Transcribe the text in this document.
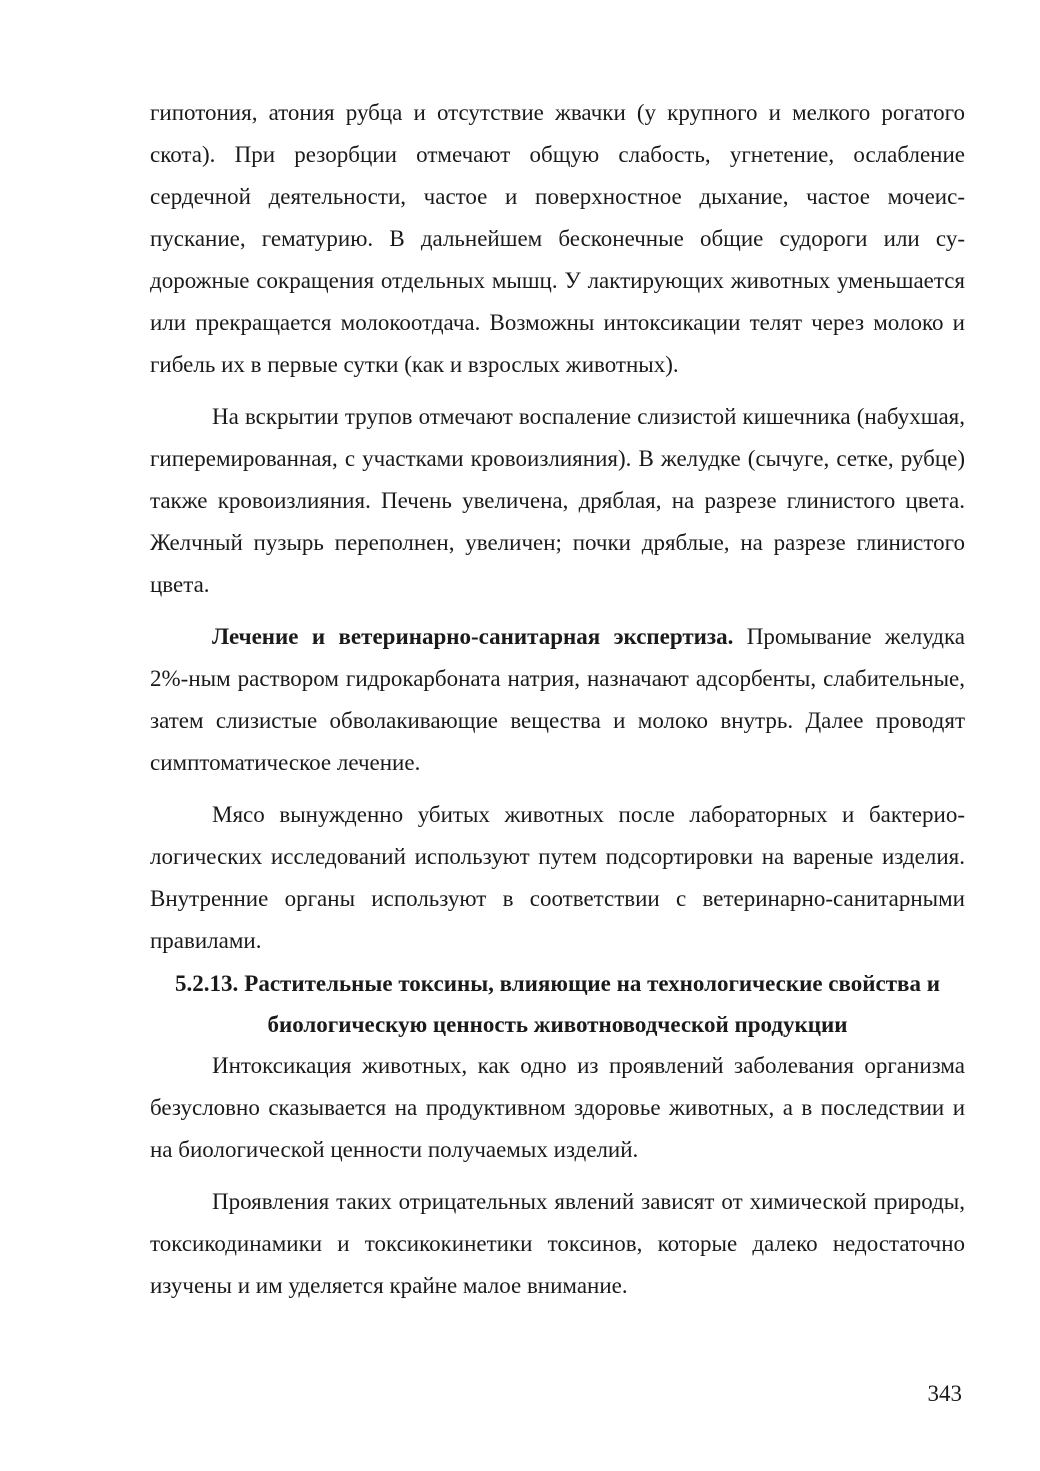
гипотония, атония рубца и отсутствие жвачки (у крупного и мелкого рогатого скота). При резорбции отмечают общую слабость, угнетение, ослабление сердечной деятельности, частое и поверхностное дыхание, частое мочеиспускание, гематурию. В дальнейшем бесконечные общие судороги или судорожные сокращения отдельных мышц. У лактирующих животных уменьшается или прекращается молокоотдача. Возможны интоксикации телят через молоко и гибель их в первые сутки (как и взрослых животных).

На вскрытии трупов отмечают воспаление слизистой кишечника (набухшая, гиперемированная, с участками кровоизлияния). В желудке (сычуге, сетке, рубце) также кровоизлияния. Печень увеличена, дряблая, на разрезе глинистого цвета. Желчный пузырь переполнен, увеличен; почки дряблые, на разрезе глинистого цвета.

Лечение и ветеринарно-санитарная экспертиза. Промывание желудка 2%-ным раствором гидрокарбоната натрия, назначают адсорбенты, слабительные, затем слизистые обволакивающие вещества и молоко внутрь. Далее проводят симптоматическое лечение.

Мясо вынужденно убитых животных после лабораторных и бактериологических исследований используют путем подсортировки на вареные изделия. Внутренние органы используют в соответствии с ветеринарно-санитарными правилами.

5.2.13. Растительные токсины, влияющие на технологические свойства и биологическую ценность животноводческой продукции

Интоксикация животных, как одно из проявлений заболевания организма безусловно сказывается на продуктивном здоровье животных, а в последствии и на биологической ценности получаемых изделий.

Проявления таких отрицательных явлений зависят от химической природы, токсикодинамики и токсикокинетики токсинов, которые далеко недостаточно изучены и им уделяется крайне малое внимание.

343
